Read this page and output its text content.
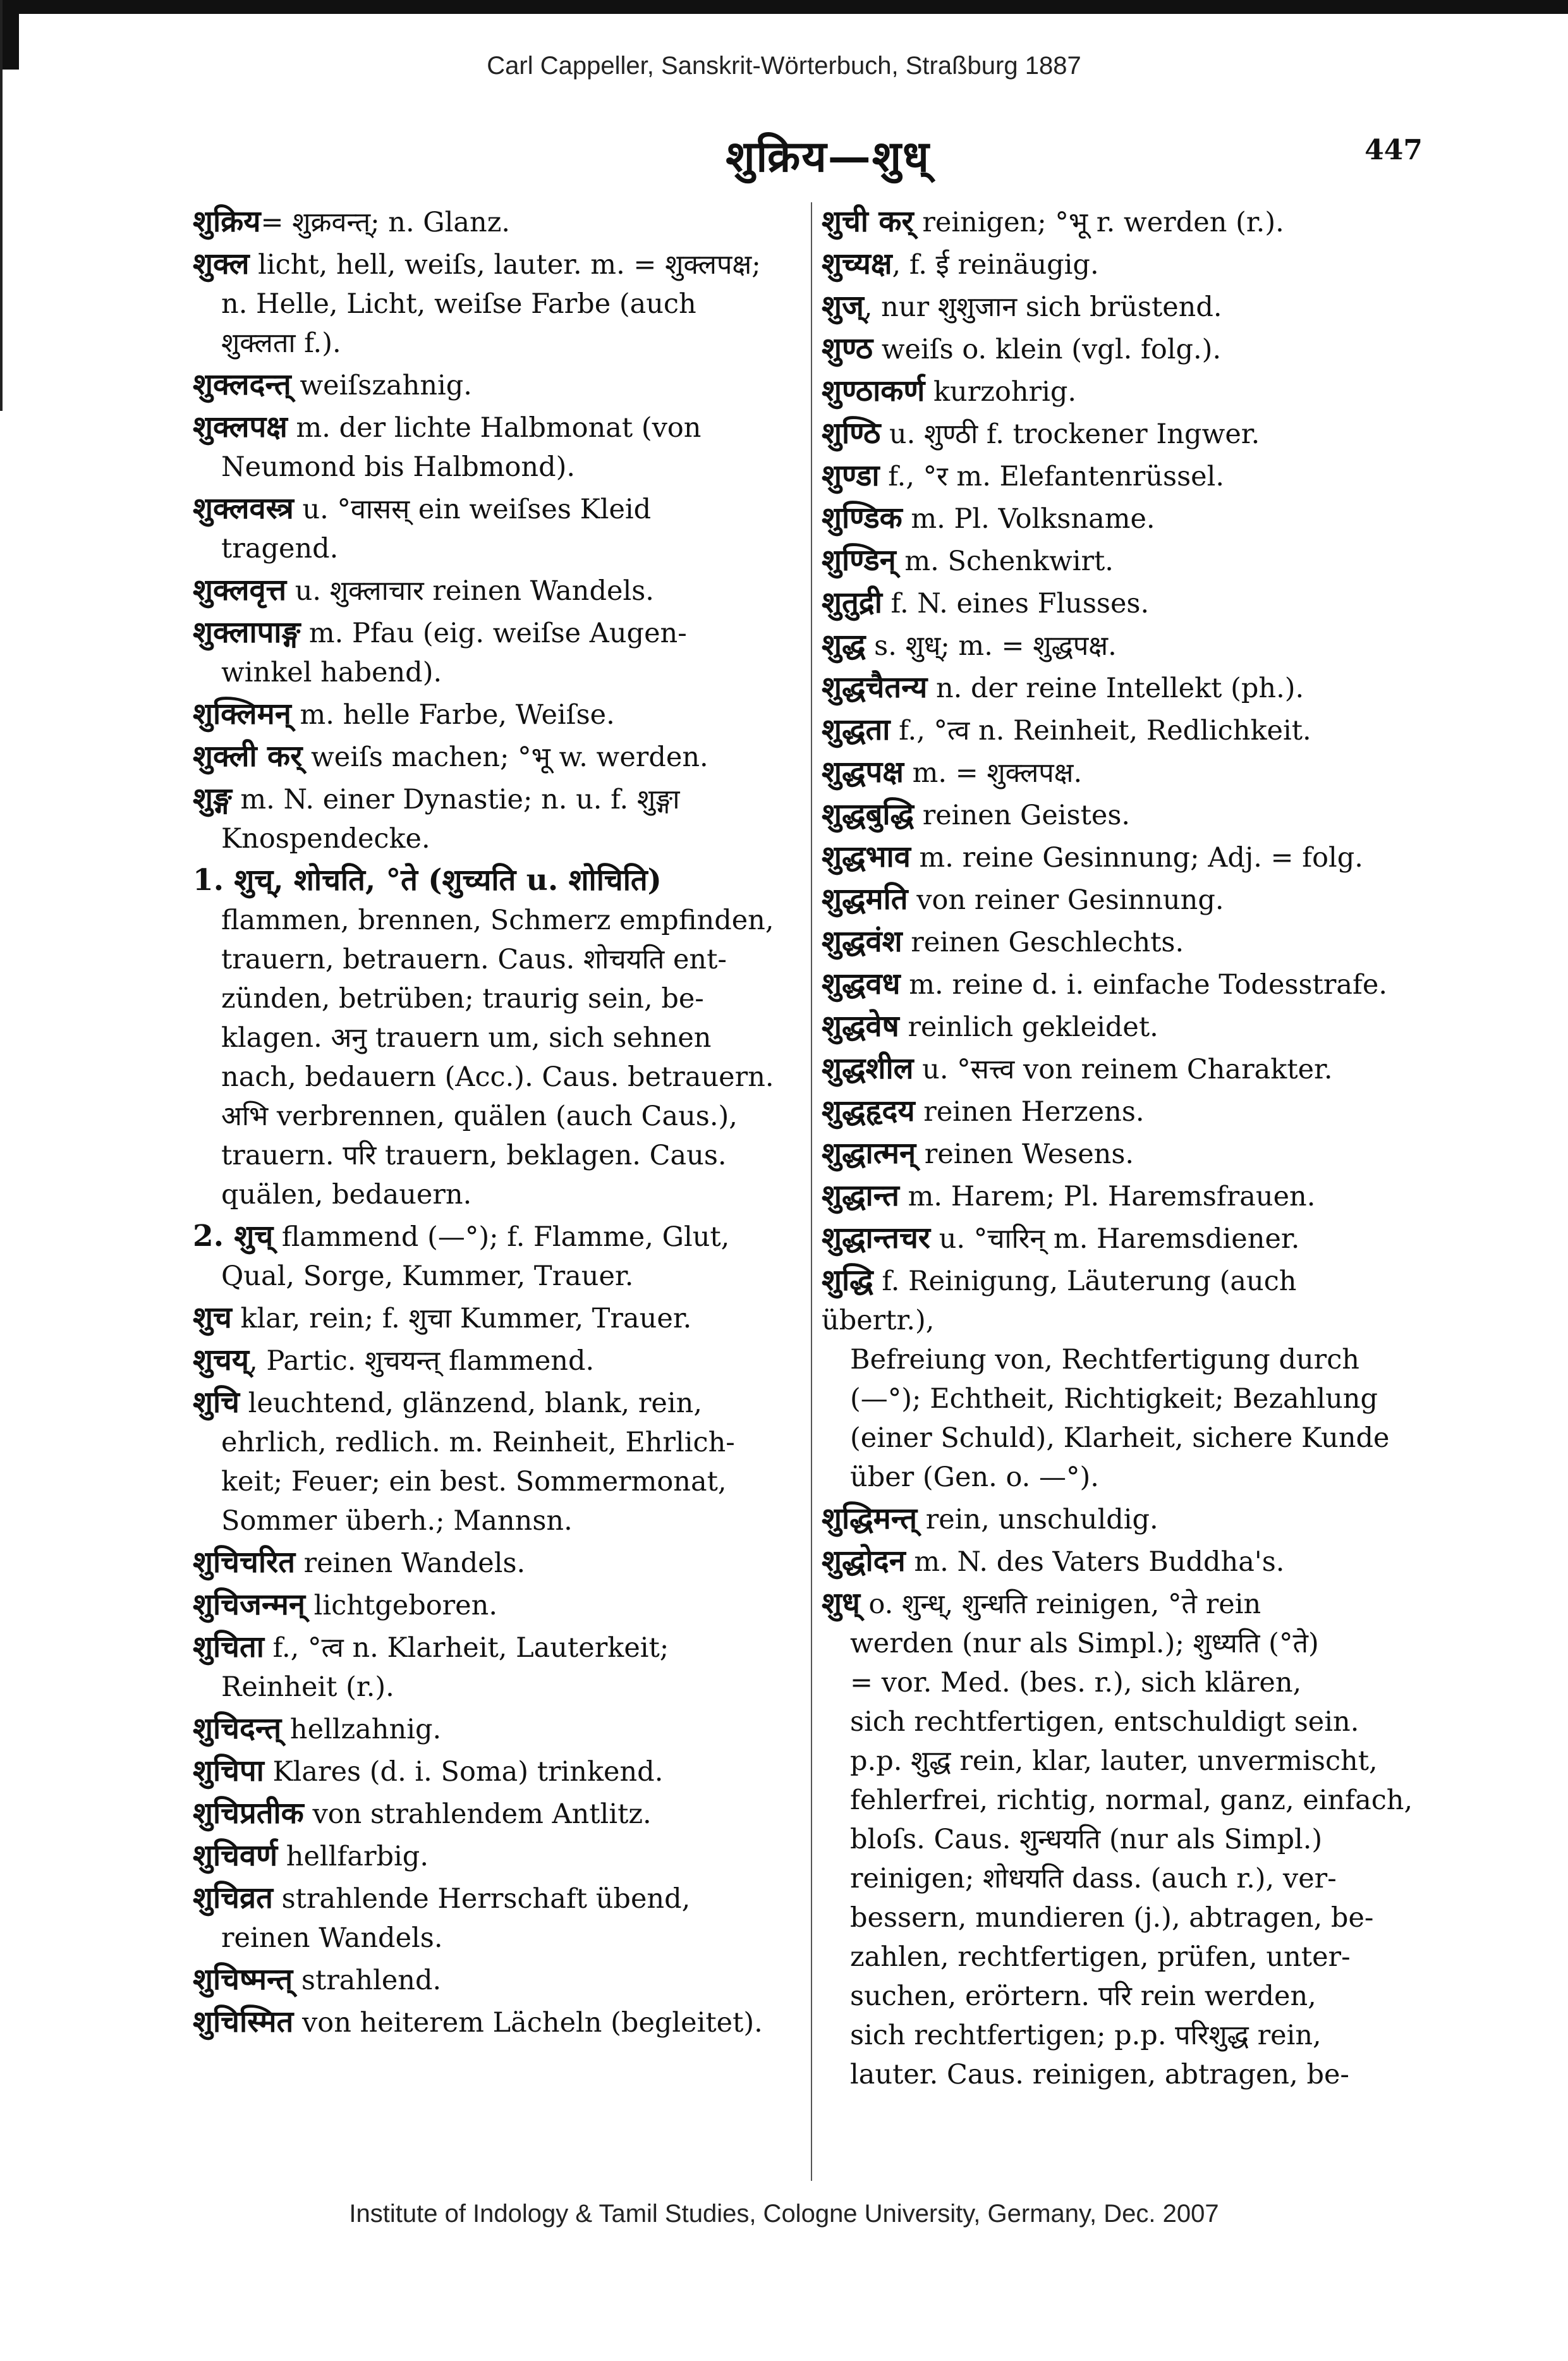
Carl Cappeller, Sanskrit-Wörterbuch, Straßburg 1887
शुक्रिय—शुध्	447
शुक्रिय= शुक्रवन्त्; n. Glanz.
शुक्ल licht, hell, weiſs, lauter. m. = शुक्लपक्ष;
n. Helle, Licht, weiſse Farbe (auch
शुक्लता f.).
शुक्लदन्त् weiſszahnig.
शुक्लपक्ष m. der lichte Halbmonat (von
Neumond bis Halbmond).
शुक्लवस्त्र u. °वासस् ein weiſses Kleid
tragend.
शुक्लवृत्त u. शुक्लाचार reinen Wandels.
शुक्लापाङ्ग m. Pfau (eig. weiſse Augen-
winkel habend).
शुक्लिमन् m. helle Farbe, Weiſse.
शुक्ली कर् weiſs machen; °भू w. werden.
शुङ्ग m. N. einer Dynastie; n. u. f. शुङ्गा
Knospendecke.
1. शुच्, शोचति, °ते (शुच्यति u. शोचिति)
flammen, brennen, Schmerz empfinden,
trauern, betrauern. Caus. शोचयति ent-
zünden, betrüben; traurig sein, be-
klagen. अनु trauern um, sich sehnen
nach, bedauern (Acc.). Caus. betrauern.
अभि verbrennen, quälen (auch Caus.),
trauern. परि trauern, beklagen. Caus.
quälen, bedauern.
2. शुच् flammend (—°); f. Flamme, Glut,
Qual, Sorge, Kummer, Trauer.
शुच klar, rein; f. शुचा Kummer, Trauer.
शुचय्, Partic. शुचयन्त् flammend.
शुचि leuchtend, glänzend, blank, rein,
ehrlich, redlich. m. Reinheit, Ehrlich-
keit; Feuer; ein best. Sommermonat,
Sommer überh.; Mannsn.
शुचिचरित reinen Wandels.
शुचिजन्मन् lichtgeboren.
शुचिता f., °त्व n. Klarheit, Lauterkeit;
Reinheit (r.).
शुचिदन्त् hellzahnig.
शुचिपा Klares (d. i. Soma) trinkend.
शुचिप्रतीक von strahlendem Antlitz.
शुचिवर्ण hellfarbig.
शुचिव्रत strahlende Herrschaft übend,
reinen Wandels.
शुचिष्मन्त् strahlend.
शुचिस्मित von heiterem Lächeln (begleitet).
शुची कर् reinigen; °भू r. werden (r.).
शुच्यक्ष, f. ई reinäugig.
शुज्, nur शुशुजान sich brüstend.
शुण्ठ weiſs o. klein (vgl. folg.).
शुण्ठाकर्ण kurzohrig.
शुण्ठि u. शुण्ठी f. trockener Ingwer.
शुण्डा f., °र m. Elefantenrüssel.
शुण्डिक m. Pl. Volksname.
शुण्डिन् m. Schenkwirt.
शुतुद्री f. N. eines Flusses.
शुद्ध s. शुध्; m. = शुद्धपक्ष.
शुद्धचैतन्य n. der reine Intellekt (ph.).
शुद्धता f., °त्व n. Reinheit, Redlichkeit.
शुद्धपक्ष m. = शुक्लपक्ष.
शुद्धबुद्धि reinen Geistes.
शुद्धभाव m. reine Gesinnung; Adj. = folg.
शुद्धमति von reiner Gesinnung.
शुद्धवंश reinen Geschlechts.
शुद्धवध m. reine d. i. einfache Todesstrafe.
शुद्धवेष reinlich gekleidet.
शुद्धशील u. °सत्त्व von reinem Charakter.
शुद्धहृदय reinen Herzens.
शुद्धात्मन् reinen Wesens.
शुद्धान्त m. Harem; Pl. Haremsfrauen.
शुद्धान्तचर u. °चारिन् m. Haremsdiener.
शुद्धि f. Reinigung, Läuterung (auch übertr.),
Befreiung von, Rechtfertigung durch
(—°); Echtheit, Richtigkeit; Bezahlung
(einer Schuld), Klarheit, sichere Kunde
über (Gen. o. —°).
शुद्धिमन्त् rein, unschuldig.
शुद्धोदन m. N. des Vaters Buddha's.
शुध् o. शुन्ध्, शुन्धति reinigen, °ते rein
werden (nur als Simpl.); शुध्यति (°ते)
= vor. Med. (bes. r.), sich klären,
sich rechtfertigen, entschuldigt sein.
p.p. शुद्ध rein, klar, lauter, unvermischt,
fehlerfrei, richtig, normal, ganz, einfach,
bloſs. Caus. शुन्धयति (nur als Simpl.)
reinigen; शोधयति dass. (auch r.), ver-
bessern, mundieren (j.), abtragen, be-
zahlen, rechtfertigen, prüfen, unter-
suchen, erörtern. परि rein werden,
sich rechtfertigen; p.p. परिशुद्ध rein,
lauter. Caus. reinigen, abtragen, be-
Institute of Indology & Tamil Studies, Cologne University, Germany, Dec. 2007
